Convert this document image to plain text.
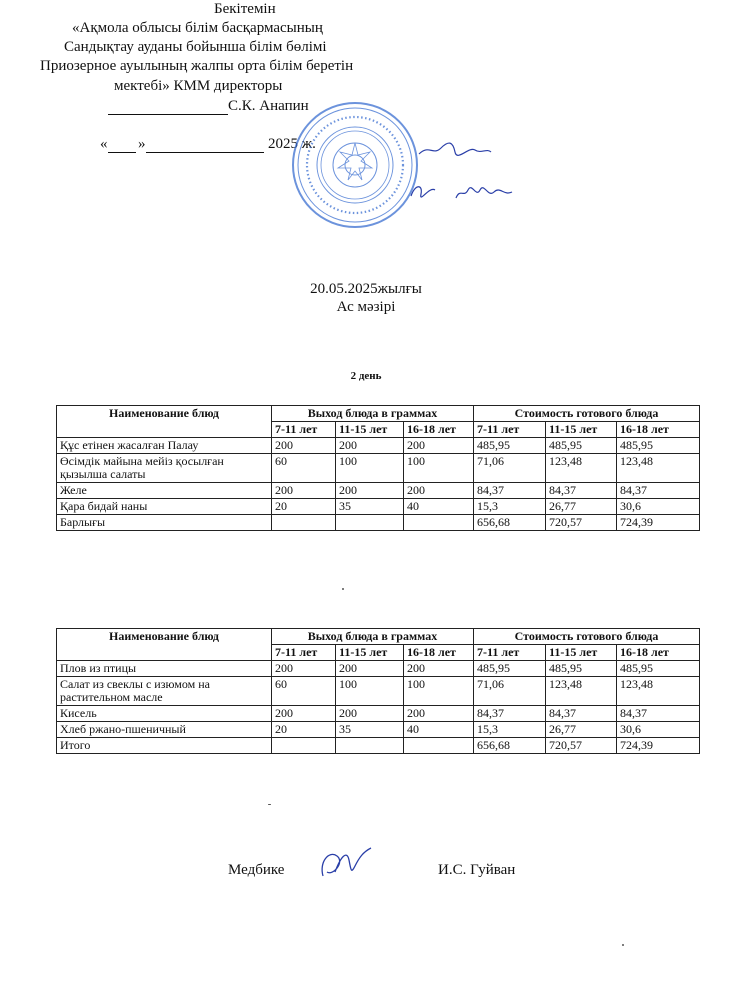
Бекітемін
«Ақмола облысы білім басқармасының
Сандықтау ауданы бойынша білім бөлімі
Приозерное ауылының жалпы орта білім беретін
мектебі» КММ директоры
С.К. Анапин
« »	2025 ж.
20.05.2025жылғы
Ас мәзірі
2 день
Наименование блюд	Выход блюда в граммах			Стоимость готового блюда		
	7-11 лет	11-15 лет	16-18 лет	7-11 лет	11-15 лет	16-18 лет
Құс етінен жасалған Палау	200	200	200	485,95	485,95	485,95
Өсімдік майына мейіз қосылған қызылша салаты	60	100	100	71,06	123,48	123,48
Желе	200	200	200	84,37	84,37	84,37
Қара бидай наны	20	35	40	15,3	26,77	30,6
Барлығы				656,68	720,57	724,39
Наименование блюд	Выход блюда в граммах			Стоимость готового блюда		
	7-11 лет	11-15 лет	16-18 лет	7-11 лет	11-15 лет	16-18 лет
Плов из птицы	200	200	200	485,95	485,95	485,95
Салат из свеклы с изюмом на растительном масле	60	100	100	71,06	123,48	123,48
Кисель	200	200	200	84,37	84,37	84,37
Хлеб ржано-пшеничный	20	35	40	15,3	26,77	30,6
Итого				656,68	720,57	724,39
Медбике	И.С. Гуйван
